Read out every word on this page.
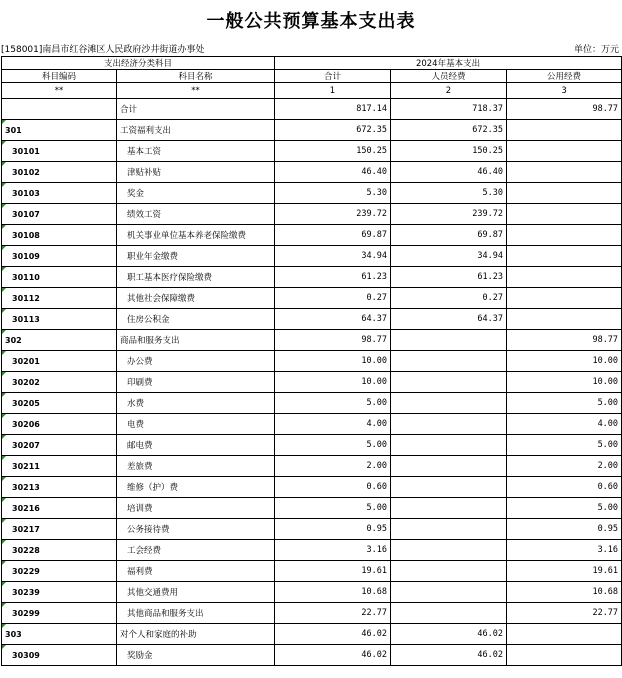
一般公共预算基本支出表
[158001]南昌市红谷滩区人民政府沙井街道办事处	单位：万元
支出经济分类科目		2024年基本支出		
科目编码	科目名称	合计	人员经费	公用经费
**	**	1	2	3
	合计	817.14	718.37	98.77
301	工资福利支出	672.35	672.35	
30101	基本工资	150.25	150.25	
30102	津贴补贴	46.40	46.40	
30103	奖金	5.30	5.30	
30107	绩效工资	239.72	239.72	
30108	机关事业单位基本养老保险缴费	69.87	69.87	
30109	职业年金缴费	34.94	34.94	
30110	职工基本医疗保险缴费	61.23	61.23	
30112	其他社会保障缴费	0.27	0.27	
30113	住房公积金	64.37	64.37	
302	商品和服务支出	98.77		98.77
30201	办公费	10.00		10.00
30202	印刷费	10.00		10.00
30205	水费	5.00		5.00
30206	电费	4.00		4.00
30207	邮电费	5.00		5.00
30211	差旅费	2.00		2.00
30213	维修（护）费	0.60		0.60
30216	培训费	5.00		5.00
30217	公务接待费	0.95		0.95
30228	工会经费	3.16		3.16
30229	福利费	19.61		19.61
30239	其他交通费用	10.68		10.68
30299	其他商品和服务支出	22.77		22.77
303	对个人和家庭的补助	46.02	46.02	
30309	奖励金	46.02	46.02	
